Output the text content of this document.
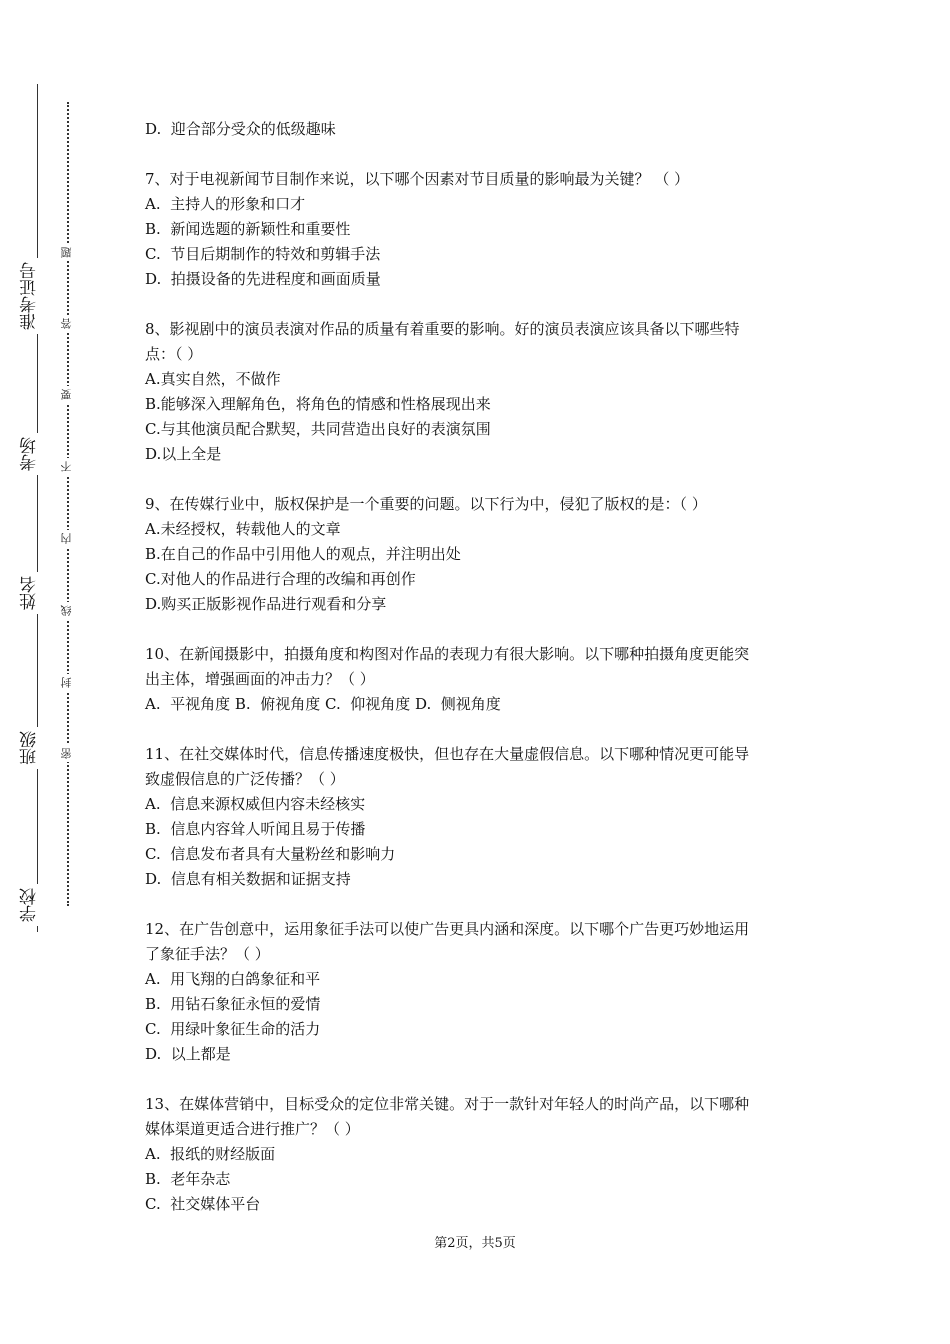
准考证号
考场
姓名
班级
学校
题
答
要
不
内
线
封
密

D.  迎合部分受众的低级趣味

7、对于电视新闻节目制作来说，以下哪个因素对节目质量的影响最为关键？ （ ）

A.  主持人的形象和口才

B.  新闻选题的新颖性和重要性

C.  节目后期制作的特效和剪辑手法

D.  拍摄设备的先进程度和画面质量

8、影视剧中的演员表演对作品的质量有着重要的影响。好的演员表演应该具备以下哪些特

点：（ ）

A.真实自然，不做作

B.能够深入理解角色，将角色的情感和性格展现出来

C.与其他演员配合默契，共同营造出良好的表演氛围

D.以上全是

9、在传媒行业中，版权保护是一个重要的问题。以下行为中，侵犯了版权的是：（ ）

A.未经授权，转载他人的文章

B.在自己的作品中引用他人的观点，并注明出处

C.对他人的作品进行合理的改编和再创作

D.购买正版影视作品进行观看和分享

10、在新闻摄影中，拍摄角度和构图对作品的表现力有很大影响。以下哪种拍摄角度更能突

出主体，增强画面的冲击力？（ ）

A.  平视角度 B.  俯视角度 C.  仰视角度 D.  侧视角度

11、在社交媒体时代，信息传播速度极快，但也存在大量虚假信息。以下哪种情况更可能导

致虚假信息的广泛传播？（ ）

A.  信息来源权威但内容未经核实

B.  信息内容耸人听闻且易于传播

C.  信息发布者具有大量粉丝和影响力

D.  信息有相关数据和证据支持

12、在广告创意中，运用象征手法可以使广告更具内涵和深度。以下哪个广告更巧妙地运用

了象征手法？（ ）

A.  用飞翔的白鸽象征和平

B.  用钻石象征永恒的爱情

C.  用绿叶象征生命的活力

D.  以上都是

13、在媒体营销中，目标受众的定位非常关键。对于一款针对年轻人的时尚产品，以下哪种

媒体渠道更适合进行推广？（ ）

A.  报纸的财经版面

B.  老年杂志

C.  社交媒体平台

第2页，共5页
